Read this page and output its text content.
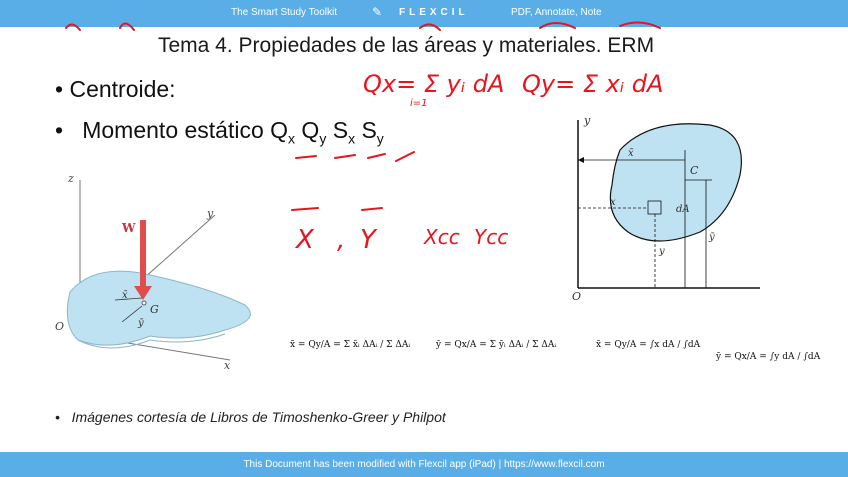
The Smart Study Toolkit	✎ FLEXCIL	PDF, Annotate, Note
Tema 4. Propiedades de las áreas y materiales. ERM
• Centroide:
•   Momento estático $Q_x$ $Q_y$ $S_x$ $S_y$
Qx= Σ yᵢ dA
i=1
Qy= Σ xᵢ dA
X , Y Xcc Ycc
z
y
x
O
W
G
x̄
ȳ
y
O
x̄
C
x
dA
ȳ
y
x̄ = Qy/A = Σ x̄ᵢ ΔAᵢ / Σ ΔAᵢ	ȳ = Qx/A = Σ ȳᵢ ΔAᵢ / Σ ΔAᵢ	x̄ = Qy/A = ∫x dA / ∫dA
ȳ = Qx/A = ∫y dA / ∫dA
•   Imágenes cortesía de Libros de Timoshenko-Greer y Philpot
This Document has been modified with Flexcil app (iPad) | https://www.flexcil.com
